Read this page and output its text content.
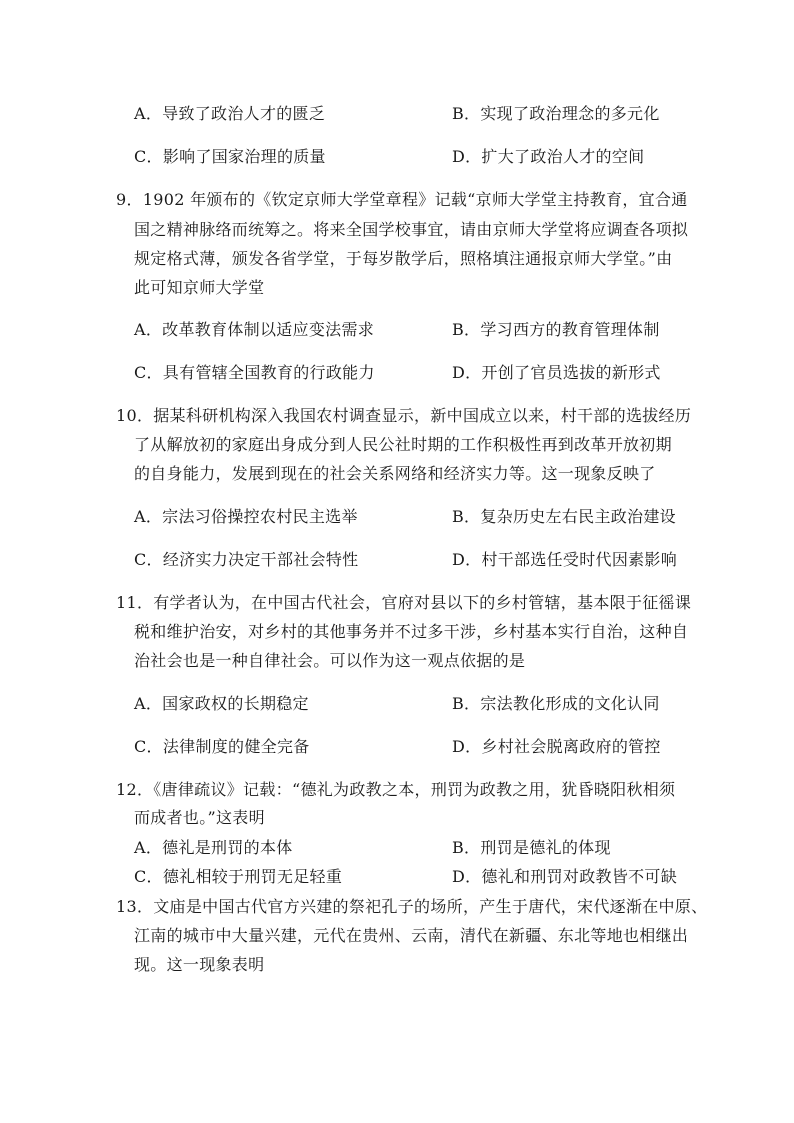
A．导致了政治人才的匮乏	B．实现了政治理念的多元化
C．影响了国家治理的质量	D．扩大了政治人才的空间
9．1902 年颁布的《钦定京师大学堂章程》记载“京师大学堂主持教育，宜合通
国之精神脉络而统筹之。将来全国学校事宜，请由京师大学堂将应调查各项拟
规定格式薄，颁发各省学堂，于每岁散学后，照格填注通报京师大学堂。”由
此可知京师大学堂
A．改革教育体制以适应变法需求	B．学习西方的教育管理体制
C．具有管辖全国教育的行政能力	D．开创了官员选拔的新形式
10．据某科研机构深入我国农村调查显示，新中国成立以来，村干部的选拔经历
了从解放初的家庭出身成分到人民公社时期的工作积极性再到改革开放初期
的自身能力，发展到现在的社会关系网络和经济实力等。这一现象反映了
A．宗法习俗操控农村民主选举	B．复杂历史左右民主政治建设
C．经济实力决定干部社会特性	D．村干部选任受时代因素影响
11．有学者认为，在中国古代社会，官府对县以下的乡村管辖，基本限于征徭课
税和维护治安，对乡村的其他事务并不过多干涉，乡村基本实行自治，这种自
治社会也是一种自律社会。可以作为这一观点依据的是
A．国家政权的长期稳定	B．宗法教化形成的文化认同
C．法律制度的健全完备	D．乡村社会脱离政府的管控
12．《唐律疏议》记载：“德礼为政教之本，刑罚为政教之用，犹昏晓阳秋相须
而成者也。”这表明
A．德礼是刑罚的本体	B．刑罚是德礼的体现
C．德礼相较于刑罚无足轻重	D．德礼和刑罚对政教皆不可缺
13．文庙是中国古代官方兴建的祭祀孔子的场所，产生于唐代，宋代逐渐在中原、
江南的城市中大量兴建，元代在贵州、云南，清代在新疆、东北等地也相继出
现。这一现象表明
